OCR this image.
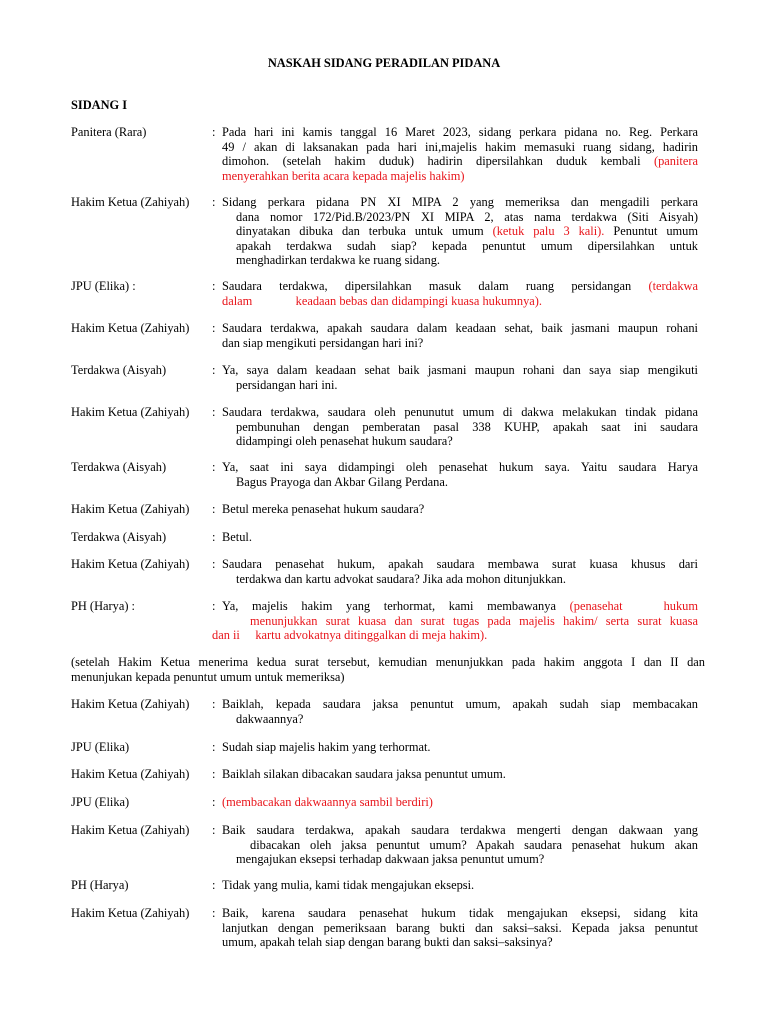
NASKAH SIDANG PERADILAN PIDANA
SIDANG I
Panitera (Rara)	: Pada hari ini kamis tanggal 16 Maret 2023, sidang perkara pidana no. Reg. Perkara
49 / akan di laksanakan pada hari ini,majelis hakim memasuki ruang sidang, hadirin
dimohon. (setelah hakim duduk) hadirin dipersilahkan duduk kembali (panitera
menyerahkan berita acara kepada majelis hakim)
Hakim Ketua (Zahiyah) : Sidang perkara pidana PN XI MIPA 2 yang memeriksa dan mengadili perkara
dana nomor 172/Pid.B/2023/PN XI MIPA 2, atas nama terdakwa (Siti Aisyah)
dinyatakan dibuka dan terbuka untuk umum (ketuk palu 3 kali). Penuntut umum
apakah terdakwa sudah siap? kepada penuntut umum dipersilahkan untuk
menghadirkan terdakwa ke ruang sidang.
JPU (Elika) :	: Saudara terdakwa, dipersilahkan masuk dalam ruang persidangan (terdakwa
dalam              keadaan bebas dan didampingi kuasa hukumnya).
Hakim Ketua (Zahiyah) : Saudara terdakwa, apakah saudara dalam keadaan sehat, baik jasmani maupun rohani
dan siap mengikuti persidangan hari ini?
Terdakwa (Aisyah)	: Ya, saya dalam keadaan sehat baik jasmani maupun rohani dan saya siap mengikuti
persidangan hari ini.
Hakim Ketua (Zahiyah) : Saudara terdakwa, saudara oleh penunutut umum di dakwa melakukan tindak pidana
pembunuhan dengan pemberatan pasal 338 KUHP, apakah saat ini saudara
didampingi oleh penasehat hukum saudara?
Terdakwa (Aisyah)	: Ya, saat ini saya didampingi oleh penasehat hukum saya. Yaitu saudara Harya
Bagus Prayoga dan Akbar Gilang Perdana.
Hakim Ketua (Zahiyah) : Betul mereka penasehat hukum saudara?
Terdakwa (Aisyah)	: Betul.
Hakim Ketua (Zahiyah) : Saudara penasehat hukum, apakah saudara membawa surat kuasa khusus dari
terdakwa dan kartu advokat saudara? Jika ada mohon ditunjukkan.
PH (Harya) :	: Ya, majelis hakim yang terhormat, kami membawanya (penasehat   hukum
menunjukkan surat kuasa dan surat tugas pada majelis hakim/ serta surat kuasa
dan ii     kartu advokatnya ditinggalkan di meja hakim).
Hakim Ketua (Zahiyah) : Baiklah, kepada saudara jaksa penuntut umum, apakah sudah siap membacakan
dakwaannya?
JPU (Elika)	: Sudah siap majelis hakim yang terhormat.
Hakim Ketua (Zahiyah) : Baiklah silakan dibacakan saudara jaksa penuntut umum.
JPU (Elika)	: (membacakan dakwaannya sambil berdiri)
Hakim Ketua (Zahiyah) : Baik saudara terdakwa, apakah saudara terdakwa mengerti dengan dakwaan yang
dibacakan oleh jaksa penuntut umum? Apakah saudara penasehat hukum akan
mengajukan eksepsi terhadap dakwaan jaksa penuntut umum?
PH (Harya)	: Tidak yang mulia, kami tidak mengajukan eksepsi.
Hakim Ketua (Zahiyah) : Baik, karena saudara penasehat hukum tidak mengajukan eksepsi, sidang kita
lanjutkan dengan pemeriksaan barang bukti dan saksi–saksi. Kepada jaksa penuntut
umum, apakah telah siap dengan barang bukti dan saksi–saksinya?
(setelah Hakim Ketua menerima kedua surat tersebut, kemudian menunjukkan pada hakim anggota I dan II dan
menunjukan kepada penuntut umum untuk memeriksa)
